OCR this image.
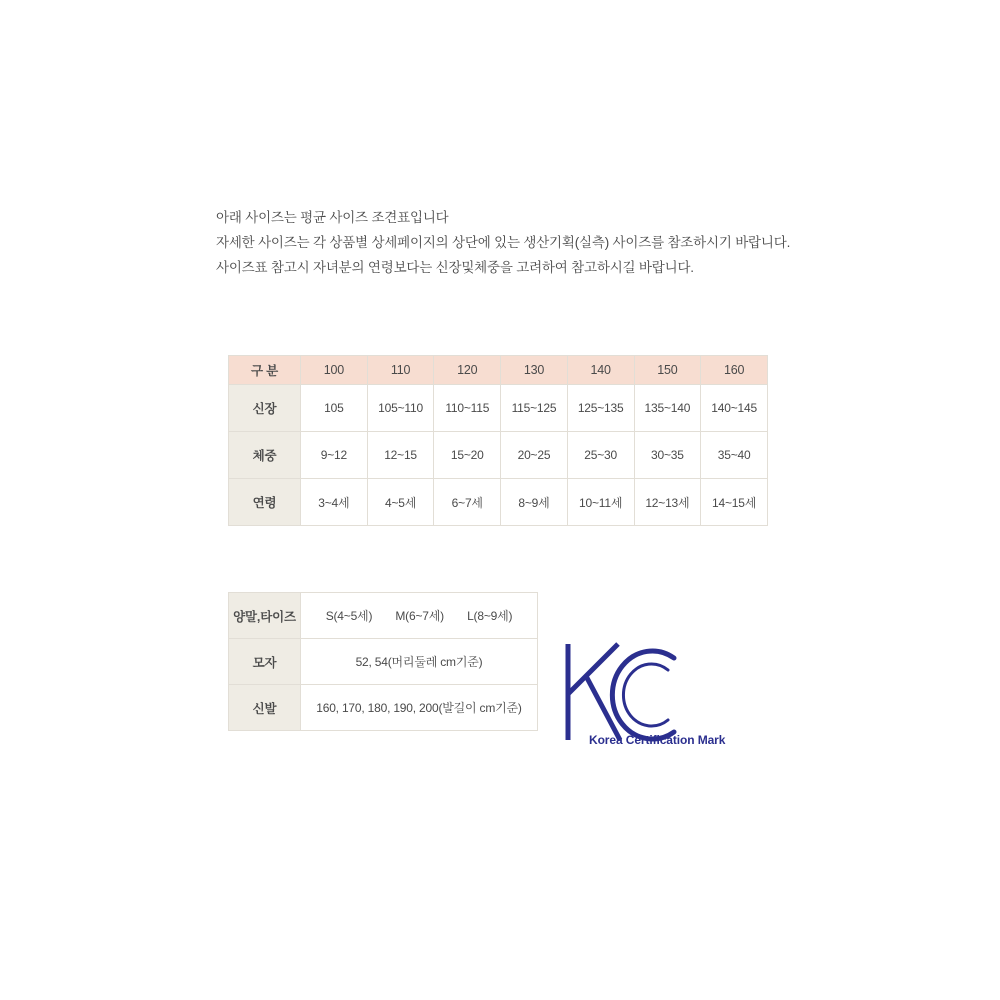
아래 사이즈는 평균 사이즈 조견표입니다
자세한 사이즈는 각 상품별 상세페이지의 상단에 있는 생산기획(실측) 사이즈를 참조하시기 바랍니다.
사이즈표 참고시 자녀분의 연령보다는 신장및체중을 고려하여 참고하시길 바랍니다.
구 분	100	110	120	130	140	150	160
신장	105	105~110	110~115	115~125	125~135	135~140	140~145
체중	9~12	12~15	15~20	20~25	25~30	30~35	35~40
연령	3~4세	4~5세	6~7세	8~9세	10~11세	12~13세	14~15세
양말,타이즈	S(4~5세) M(6~7세) L(8~9세)
모자	52, 54(머리둘레 cm기준)
신발	160, 170, 180, 190, 200(발길이 cm기준)
Korea Certification Mark
